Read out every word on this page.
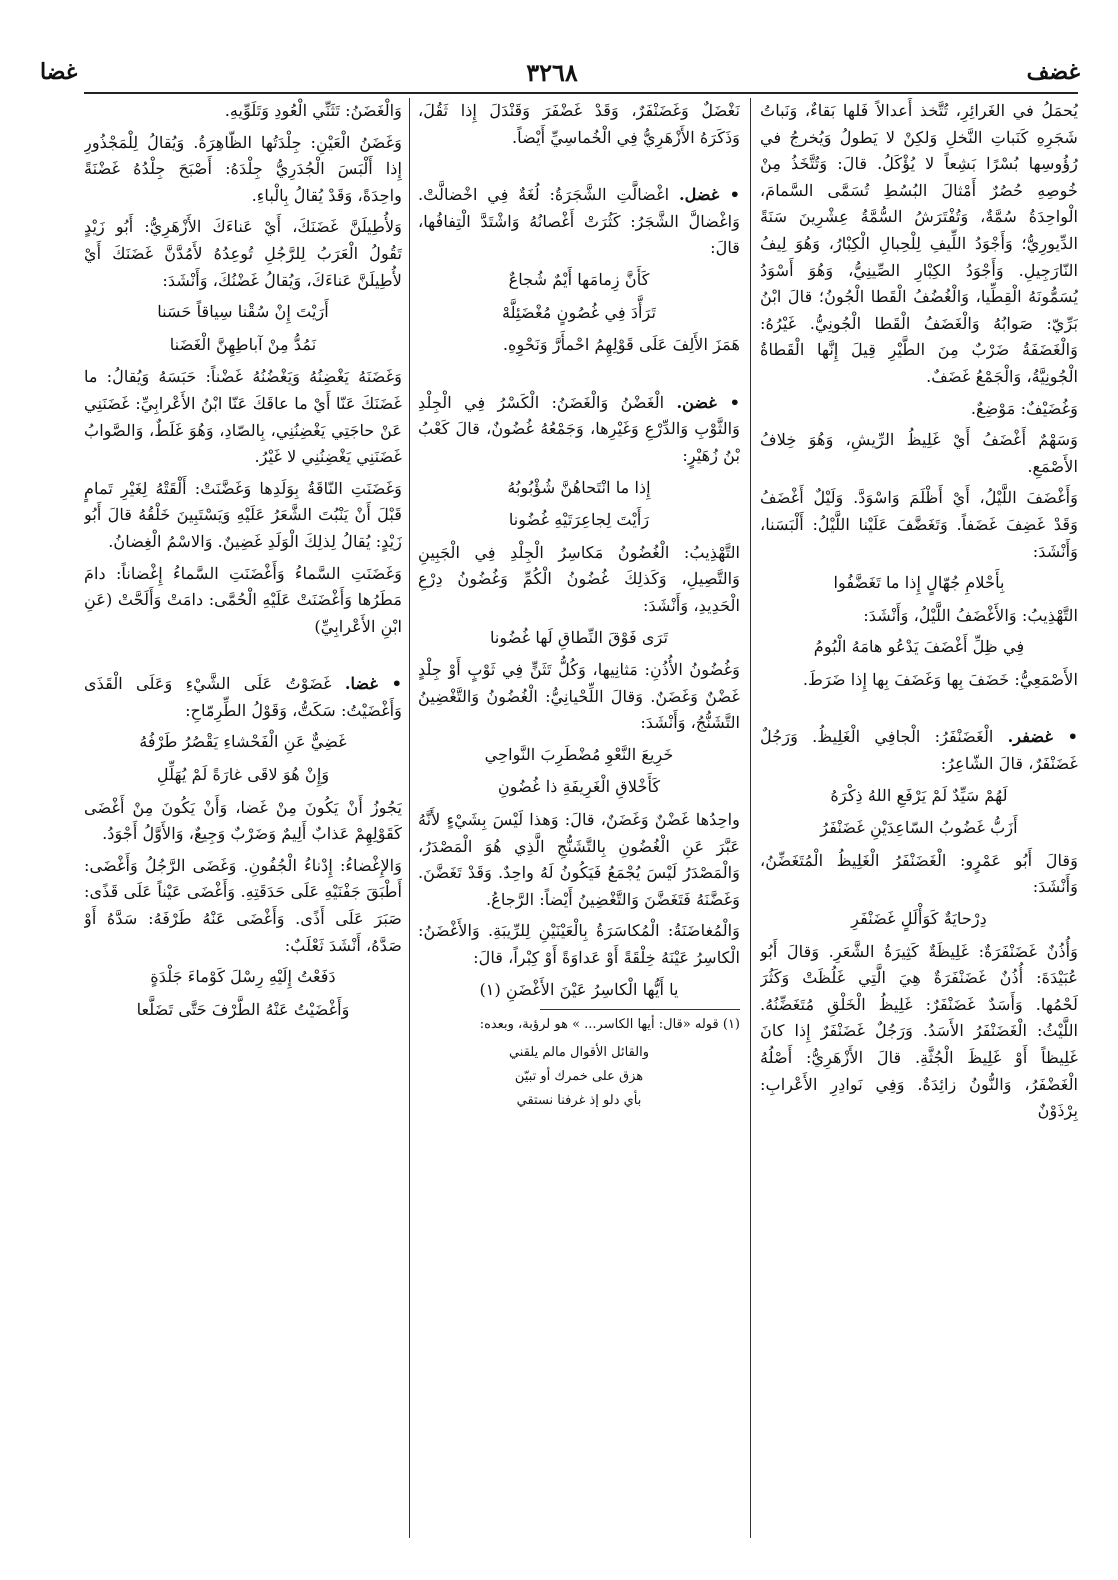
غضا	٣٢٦٨	غضف

يُحمَلُ في الغَرائِرِ، تُتَّخذ أَعدالاً فَلها بَقاءٌ، وَنَباتُ شَجَرِهِ كَنَباتِ النَّخلِ وَلكِنْ لا يَطولُ وَيُخرجُ في رُؤُوسِها بُسْرًا بَشِعاً لا يُؤْكَلُ. قالَ: وَتُتَّخَذُ مِنْ خُوصِهِ حُصُرٌ أَمْثالَ البُسُطِ تُسَمَّى السَّمامَ، الْواحِدَةُ سُمَّةٌ، وَتُفْتَرَشُ السُّمَّةُ عِشْرِينَ سَنَةً الدِّيورِيُّ؛ وَأَجْوَدُ اللِّيفِ لِلْحِبالِ الْكِبْارُ، وَهُوَ لِيفُ النّارَجِيلِ. وَأَجْوَدُ الكِبْارِ الصِّينِيُّ، وَهُوَ أَسْوَدُ يُسَمُّونَهُ الْقِطِّيا، وَالْغُضُفُ الْقَطا الْجُونُ؛ قالَ ابْنُ بَرِّيّ: صَوابُهُ وَالْغَضَفُ الْقَطا الْجُونِيُّ. غَيْرُهُ: وَالْغَضَفَةُ ضَرْبٌ مِنَ الطَّيْرِ قِيلَ إِنَّها الْقَطاةُ الْجُونِيَّةُ، وَالْجَمْعُ غَضَفٌ.

وَغُضَيْفٌ: مَوْضِعٌ.

وَسَهْمٌ أَغْضَفُ أَيْ غَلِيظُ الرِّيشِ، وَهُوَ خِلافُ الأَصْمَعِ.

وَأَغْضَفَ اللَّيْلُ، أَيْ أَظْلَمَ وَاسْوَدَّ. وَلَيْلٌ أَغْضَفُ وَقَدْ غَضِفَ غَضَفاً. وَتَغَضَّفَ عَلَيْنا اللَّيْلُ: أَلْبَسَنا، وَأَنْشَدَ:

بِأَحْلامِ جُهّالٍ إِذا ما تَغَضَّفُوا

التَّهْذِيبُ: وَالأَغْضَفُ اللَّيْلُ، وَأَنْشَدَ:

فِي ظِلِّ أَغْضَفَ يَدْعُو هامَهُ الْبُومُ

الأَصْمَعِيُّ: خَضَفَ بِها وَغَضَفَ بِها إِذا ضَرَطَ.

• غضفر. الْغَضَنْفَرُ: الْجافِي الْغَلِيظُ. وَرَجُلٌ غَضَنْفَرٌ، قالَ الشّاعِرُ:

لَهُمْ سَيِّدٌ لَمْ يَرْفَعِ اللهُ ذِكْرَهُ
أَزَبُّ غَضُوبُ السّاعِدَيْنِ غَضَنْفَرُ

وَقالَ أَبُو عَمْرٍو: الْغَضَنْفَرُ الْغَلِيظُ الْمُتَغَضِّنُ، وَأَنْشَدَ:

دِرْحايَةٌ كَوَأْلَلٍ غَضَنْفَرِ

وَأُذُنٌ غَضَنْفَرَةٌ: غَلِيظَةٌ كَثِيرَةُ الشَّعَرِ. وَقالَ أَبُو عُبَيْدَةَ: أُذُنٌ غَضَنْفَرَةٌ هِيَ الَّتِي غَلُظَتْ وَكَثُرَ لَحْمُها. وَأَسَدٌ غَضَنْفَرٌ: غَلِيظُ الْخَلْقِ مُتَغَضِّنُهُ. اللَّيْثُ: الْغَضَنْفَرُ الأَسَدُ. وَرَجُلٌ غَضَنْفَرٌ إِذا كانَ غَلِيظاً أَوْ غَلِيظَ الْجُثَّةِ. قالَ الأَزْهَرِيُّ: أَصْلُهُ الْغَضْفَرُ، وَالنُّونُ زائِدَةٌ. وَفِي نَوادِرِ الأَعْرابِ: بِرْذَوْنٌ

نَغْضَلٌ وَغَضَنْفَرٌ، وَقَدْ غَضْفَرَ وَقَنْدَلَ إِذا ثَقُلَ، وَذَكَرَهُ الأَزْهَرِيُّ فِي الْخُماسِيِّ أَيْضاً.

• غضل. اغْضالَّتِ الشَّجَرَةُ: لُغَةٌ فِي اخْضالَّتْ. وَاغْضالَّ الشَّجَرُ: كَثُرَتْ أَغْصانُهُ وَاشْتَدَّ الْتِفافُها، قالَ:

كَأَنَّ زِمامَها أَيْمٌ شُجاعٌ
تَرَأَّدَ فِي غُصُونٍ مُغْضَئِلَّهْ

هَمَزَ الأَلِفَ عَلَى قَوْلِهِمُ احْمأَرَّ وَنَحْوِهِ.

• غضن. الْغَضْنُ وَالْغَضَنُ: الْكَسْرُ فِي الْجِلْدِ وَالثَّوْبِ وَالدِّرْعِ وَغَيْرِها، وَجَمْعُهُ غُضُونٌ، قالَ كَعْبُ بْنُ زُهَيْرٍ:

إِذا ما انْتَحاهُنَّ شُؤْبُوبُهُ
رَأَيْتَ لِجاعِرَتَيْهِ غُضُونا

التَّهْذِيبُ: الْغُضُونُ مَكاسِرُ الْجِلْدِ فِي الْجَبِينِ وَالتَّصِيلِ، وَكَذلِكَ غُضُونُ الْكُمِّ وَغُضُونُ دِرْعِ الْحَدِيدِ، وَأَنْشَدَ:

تَرَى فَوْقَ النِّطاقِ لَها غُضُونا

وَغُضُونُ الأُذُنِ: مَثانِيها، وَكُلُّ تَثَنٍّ فِي ثَوْبٍ أَوْ جِلْدٍ غَضْنٌ وَغَضَنٌ. وَقالَ اللِّحْيانِيُّ: الْغُضُونُ وَالتَّغْضِينُ التَّشَنُّجُ، وَأَنْشَدَ:

خَرِيعَ النَّعْوِ مُضْطَرِبَ النَّواحِي
كَأَخْلاقِ الْغَرِيفَةِ ذا غُضُونِ

واحِدُها غَضْنٌ وَغَضَنٌ، قالَ: وَهذا لَيْسَ بِشَيْءٍ لأَنَّهُ عَبَّرَ عَنِ الْغُضُونِ بِالتَّشَنُّجِ الَّذِي هُوَ الْمَصْدَرُ، وَالْمَصْدَرُ لَيْسَ يُجْمَعُ فَيَكُونُ لَهُ واحِدٌ. وَقَدْ تَغَضَّنَ. وَغَضَّنَهُ فَتَغَضَّنَ وَالتَّغْضِينُ أَيْضاً: الرَّجاعُ.

وَالْمُغاضَنَةُ: الْمُكاسَرَةُ بِالْعَيْنَيْنِ لِلرِّيبَةِ. وَالأَغْضَنُ: الْكاسِرُ عَيْنَهُ خِلْقَةً أَوْ عَداوَةً أَوْ كِبْراً، قالَ:

يا أَيُّها الْكاسِرُ عَيْنَ الأَغْضَنِ (١)

(١) قوله «قال: أيها الكاسر... » هو لرؤبة، وبعده:

والقائل الأقوال مالم يلقني
هزق على خمرك أو تبيّن
بأي دلو إذ غرفنا نستقي

وَالْغَضَنُ: تَثَنِّي الْعُودِ وَتَلَوِّيهِ.

وَغَضَنُ الْعَيْنِ: جِلْدَتُها الظّاهِرَةُ. وَيُقالُ لِلْمَجْذُورِ إِذا أَلْبَسَ الْجُدَرِيُّ جِلْدَهُ: أَصْبَحَ جِلْدُهُ غَضْنَةً واحِدَةً، وَقَدْ يُقالُ بِالْباءِ.

وَلأُطِيلَنَّ غَضَنَكَ، أَيْ عَناءَكَ الأَزْهَرِيُّ: أَبُو زَيْدٍ تَقُولُ الْعَرَبُ لِلرَّجُلِ تُوعِدُهُ لأَمُدَّنَّ غَضَنَكَ أَيْ لأُطِيلَنَّ عَناءَكَ، وَيُقالُ غَضْنُكَ، وَأَنْشَدَ:

أَرَيْتَ إِنْ سُقْنا سِياقاً حَسَنا
نَمُدُّ مِنْ آباطِهِنَّ الْغَضَنا

وَغَضَنَهُ يَغْضِنُهُ وَيَغْضُنُهُ غَضْناً: حَبَسَهُ وَيُقالُ: ما غَضَنَكَ عَنّا أَيْ ما عاقَكَ عَنّا ابْنُ الأَعْرابِيِّ: غَضَنَنِي عَنْ حاجَتِي يَغْضِنُنِي، بِالصّادِ، وَهُوَ غَلَطٌ، وَالصَّوابُ غَضَنَنِي يَغْضِنُنِي لا غَيْرُ.

وَغَضَنَتِ النّاقَةُ بِوَلَدِها وَغَضَّنَتْ: أَلْقَتْهُ لِغَيْرِ تَمامٍ قَبْلَ أَنْ يَنْبُتَ الشَّعَرُ عَلَيْهِ وَيَسْتَبِينَ خَلْقُهُ قالَ أَبُو زَيْدٍ: يُقالُ لِذلِكَ الْوَلَدِ غَضِينٌ. وَالاسْمُ الْغِضانُ.

وَغَضَنَتِ السَّماءُ وَأَغْضَنَتِ السَّماءُ إِغْضاناً: دامَ مَطَرُها وَأَغْضَنَتْ عَلَيْهِ الْحُمَّى: دامَتْ وَأَلَحَّتْ (عَنِ ابْنِ الأَعْرابِيِّ)

• غضا. غَضَوْتُ عَلَى الشَّيْءِ وَعَلَى الْقَذَى وَأَغْضَيْتُ: سَكَتُّ، وَقَوْلُ الطِّرِمّاحِ:

غَضِيٌّ عَنِ الْفَحْشاءِ يَقْصُرُ طَرْفُهُ
وَإِنْ هُوَ لاقَى غارَةً لَمْ يُهَلِّلِ

يَجُوزُ أَنْ يَكُونَ مِنْ غَضا، وَأَنْ يَكُونَ مِنْ أَغْضَى كَقَوْلِهِمْ عَذابٌ أَلِيمٌ وَضَرْبٌ وَجِيعٌ، وَالأَوَّلُ أَجْوَدُ.

وَالإِغْضاءُ: إِدْناءُ الْجُفُونِ. وَغَضَى الرَّجُلُ وَأَغْضَى: أَطْبَقَ جَفْنَيْهِ عَلَى حَدَقَتِهِ. وَأَغْضَى عَيْناً عَلَى قَذًى: صَبَرَ عَلَى أَذًى. وَأَغْضَى عَنْهُ طَرْفَهُ: سَدَّهُ أَوْ صَدَّهُ، أَنْشَدَ ثَعْلَبٌ:

دَفَعْتُ إِلَيْهِ رِسْلَ كَوْماءَ جَلْدَةٍ
وَأَغْضَيْتُ عَنْهُ الطَّرْفَ حَتَّى تَضَلَّعا
